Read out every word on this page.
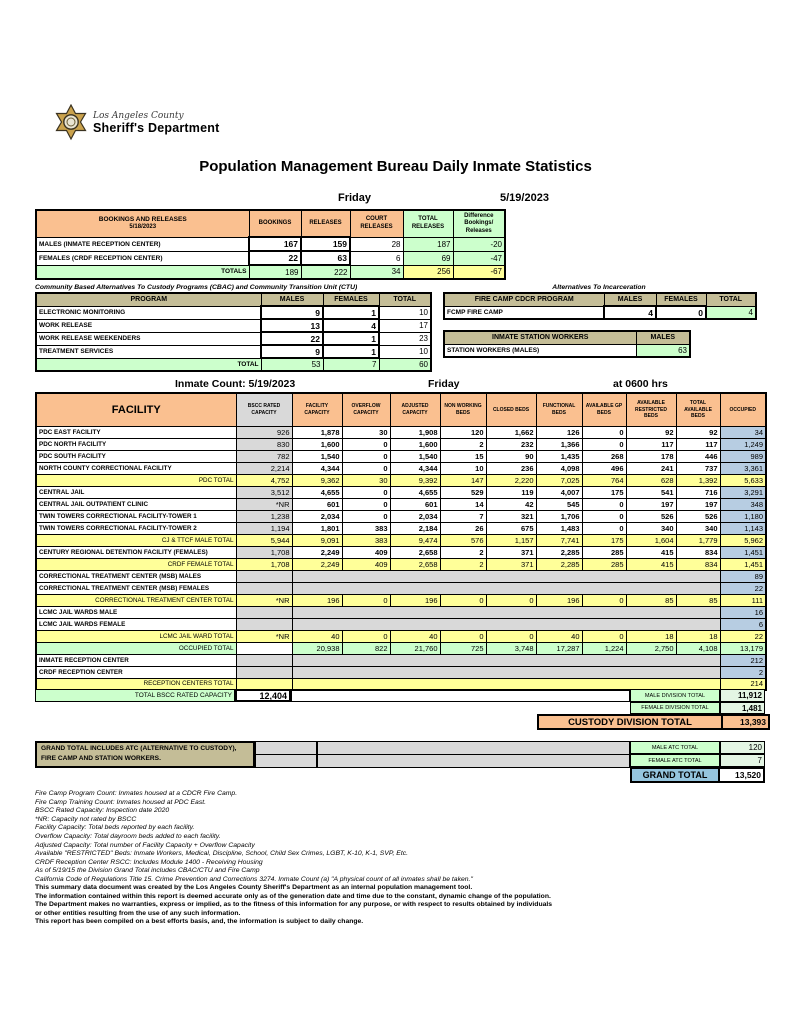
Los Angeles County
Sheriff's Department
Population Management Bureau Daily Inmate Statistics
Friday	5/19/2023
BOOKINGS AND RELEASES
5/18/2023	BOOKINGS	RELEASES	COURT RELEASES	TOTAL RELEASES	Difference Bookings/ Releases
MALES (INMATE RECEPTION CENTER)	167	159	28	187	-20
FEMALES (CRDF RECEPTION CENTER)	22	63	6	69	-47
TOTALS	189	222	34	256	-67
Community Based Alternatives To Custody Programs (CBAC) and Community Transition Unit (CTU)
PROGRAM	MALES	FEMALES	TOTAL
ELECTRONIC MONITORING	9	1	10
WORK RELEASE	13	4	17
WORK RELEASE WEEKENDERS	22	1	23
TREATMENT SERVICES	9	1	10
TOTAL	53	7	60
Alternatives To Incarceration
FIRE CAMP CDCR PROGRAM	MALES	FEMALES	TOTAL
FCMP FIRE CAMP	4	0	4
INMATE STATION WORKERS	MALES
STATION WORKERS (MALES)	63
Inmate Count: 5/19/2023	Friday	at 0600 hrs
FACILITY	BSCC RATED CAPACITY	FACILITY CAPACITY	OVERFLOW CAPACITY	ADJUSTED CAPACITY	NON WORKING BEDS	CLOSED BEDS	FUNCTIONAL BEDS	AVAILABLE GP BEDS	AVAILABLE RESTRICTED BEDS	TOTAL AVAILABLE BEDS	OCCUPIED
PDC EAST FACILITY	926	1,878	30	1,908	120	1,662	126	0	92	92	34
PDC NORTH FACILITY	830	1,600	0	1,600	2	232	1,366	0	117	117	1,249
PDC SOUTH FACILITY	782	1,540	0	1,540	15	90	1,435	268	178	446	989
NORTH COUNTY CORRECTIONAL FACILITY	2,214	4,344	0	4,344	10	236	4,098	496	241	737	3,361
PDC TOTAL	4,752	9,362	30	9,392	147	2,220	7,025	764	628	1,392	5,633
CENTRAL JAIL	3,512	4,655	0	4,655	529	119	4,007	175	541	716	3,291
CENTRAL JAIL OUTPATIENT CLINIC	*NR	601	0	601	14	42	545	0	197	197	348
TWIN TOWERS CORRECTIONAL FACILITY-TOWER 1	1,238	2,034	0	2,034	7	321	1,706	0	526	526	1,180
TWIN TOWERS CORRECTIONAL FACILITY-TOWER 2	1,194	1,801	383	2,184	26	675	1,483	0	340	340	1,143
CJ & TTCF MALE TOTAL	5,944	9,091	383	9,474	576	1,157	7,741	175	1,604	1,779	5,962
CENTURY REGIONAL DETENTION FACILITY (FEMALES)	1,708	2,249	409	2,658	2	371	2,285	285	415	834	1,451
CRDF FEMALE TOTAL	1,708	2,249	409	2,658	2	371	2,285	285	415	834	1,451
CORRECTIONAL TREATMENT CENTER (MSB) MALES											89
CORRECTIONAL TREATMENT CENTER (MSB) FEMALES											22
CORRECTIONAL TREATMENT CENTER TOTAL	*NR	196	0	196	0	0	196	0	85	85	111
LCMC JAIL WARDS MALE											16
LCMC JAIL WARDS FEMALE											6
LCMC JAIL WARD TOTAL	*NR	40	0	40	0	0	40	0	18	18	22
OCCUPIED TOTAL		20,938	822	21,760	725	3,748	17,287	1,224	2,750	4,108	13,179
INMATE RECEPTION CENTER											212
CRDF RECEPTION CENTER											2
RECEPTION CENTERS TOTAL											214
TOTAL BSCC RATED CAPACITY	12,404	MALE DIVISION TOTAL	11,912
FEMALE DIVISION TOTAL	1,481
CUSTODY DIVISION TOTAL	13,393
GRAND TOTAL INCLUDES ATC (ALTERNATIVE TO CUSTODY), FIRE CAMP AND STATION WORKERS.
MALE ATC TOTAL	120
FEMALE ATC TOTAL	7
GRAND TOTAL	13,520
Fire Camp Program Count: Inmates housed at a CDCR Fire Camp.
Fire Camp Training Count: Inmates housed at PDC East.
BSCC Rated Capacity: Inspection date 2020
*NR: Capacity not rated by BSCC
Facility Capacity: Total beds reported by each facility.
Overflow Capacity: Total dayroom beds added to each facility.
Adjusted Capacity: Total number of Facility Capacity + Overflow Capacity
Available "RESTRICTED" Beds: Inmate Workers, Medical, Discipline, School, Child Sex Crimes, LGBT, K-10, K-1, SVP, Etc.
CRDF Reception Center RSCC: Includes Module 1400 - Receiving Housing
As of 5/19/15 the Division Grand Total includes CBAC/CTU and Fire Camp
California Code of Regulations Title 15. Crime Prevention and Corrections 3274. Inmate Count (a) "A physical count of all inmates shall be taken."
This summary data document was created by the Los Angeles County Sheriff's Department as an internal population management tool.
The information contained within this report is deemed accurate only as of the generation date and time due to the constant, dynamic change of the population.
The Department makes no warranties, express or implied, as to the fitness of this information for any purpose, or with respect to results obtained by individuals
or other entities resulting from the use of any such information.
This report has been compiled on a best efforts basis, and, the information is subject to daily change.
